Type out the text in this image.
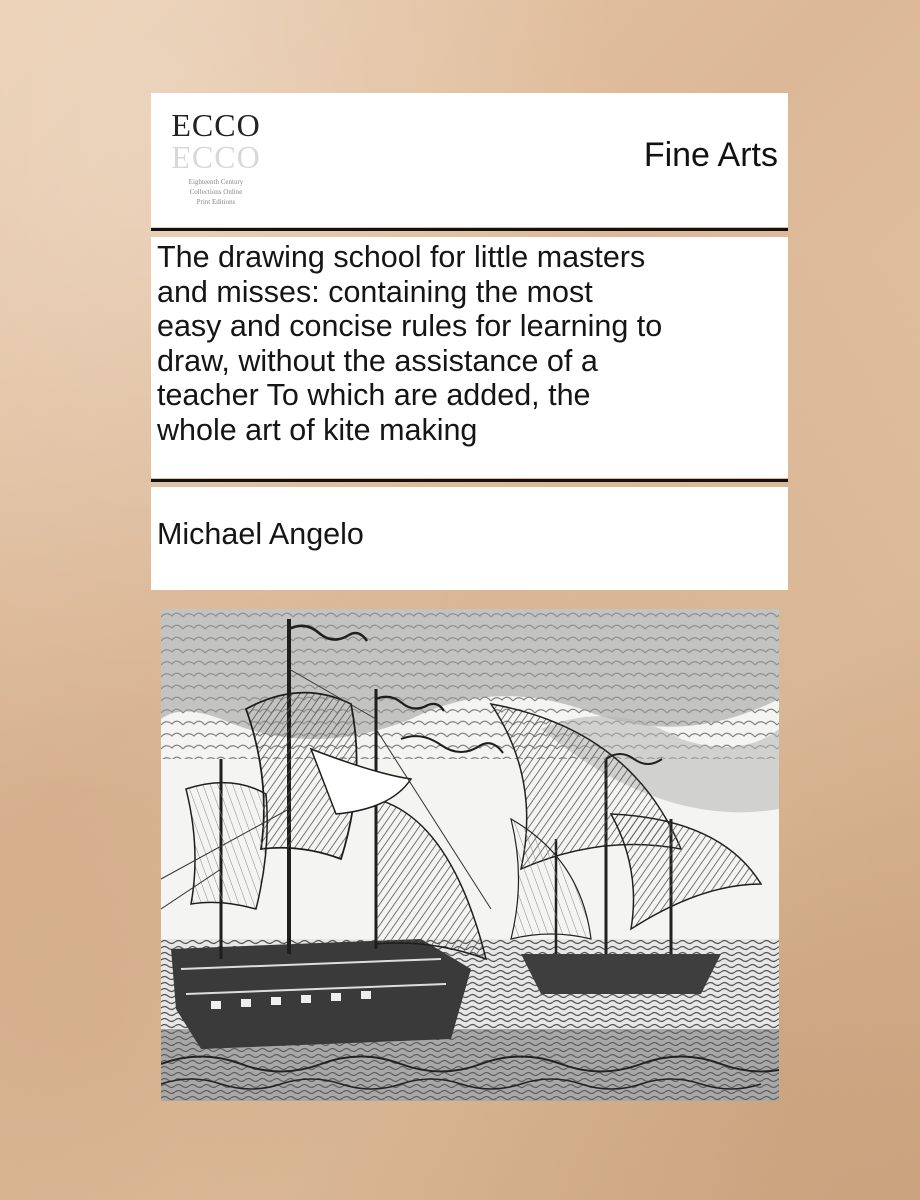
ECCO
ECCO
Eighteenth Century
Collections Online
Print Editions
Fine Arts
The drawing school for little masters
and misses: containing the most
easy and concise rules for learning to
draw, without the assistance of a
teacher To which are added, the
whole art of kite making
Michael Angelo
